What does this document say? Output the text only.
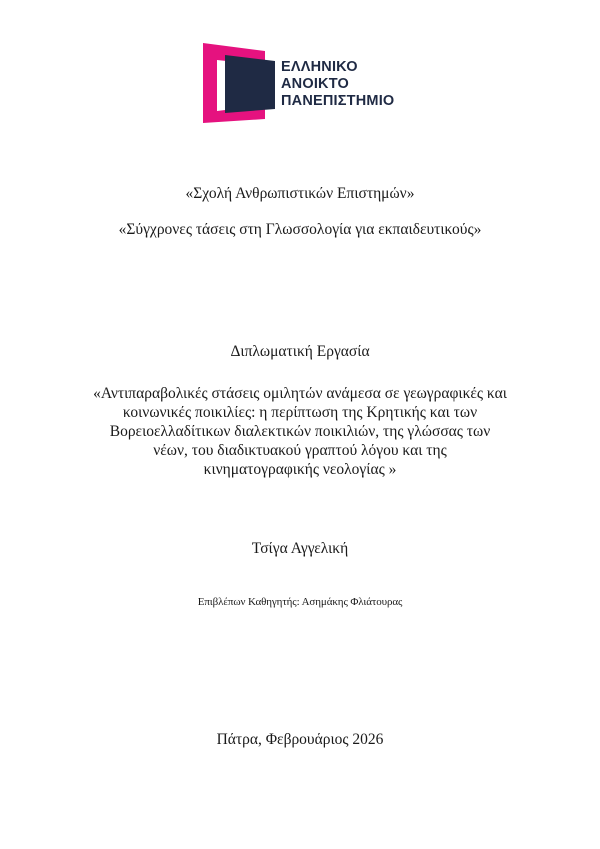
ΕΛΛΗΝΙΚΟ
ΑΝΟΙΚΤΟ
ΠΑΝΕΠΙΣΤΗΜΙΟ
«Σχολή Ανθρωπιστικών Επιστημών»
«Σύγχρονες τάσεις στη Γλωσσολογία για εκπαιδευτικούς»
Διπλωματική Εργασία
«Αντιπαραβολικές στάσεις ομιλητών ανάμεσα σε γεωγραφικές και
κοινωνικές ποικιλίες: η περίπτωση της Κρητικής και των
Βορειοελλαδίτικων διαλεκτικών ποικιλιών, της γλώσσας των
νέων, του διαδικτυακού γραπτού λόγου και της
κινηματογραφικής νεολογίας »
Τσίγα Αγγελική
Επιβλέπων Καθηγητής: Ασημάκης Φλιάτουρας
Πάτρα, Φεβρουάριος 2026
